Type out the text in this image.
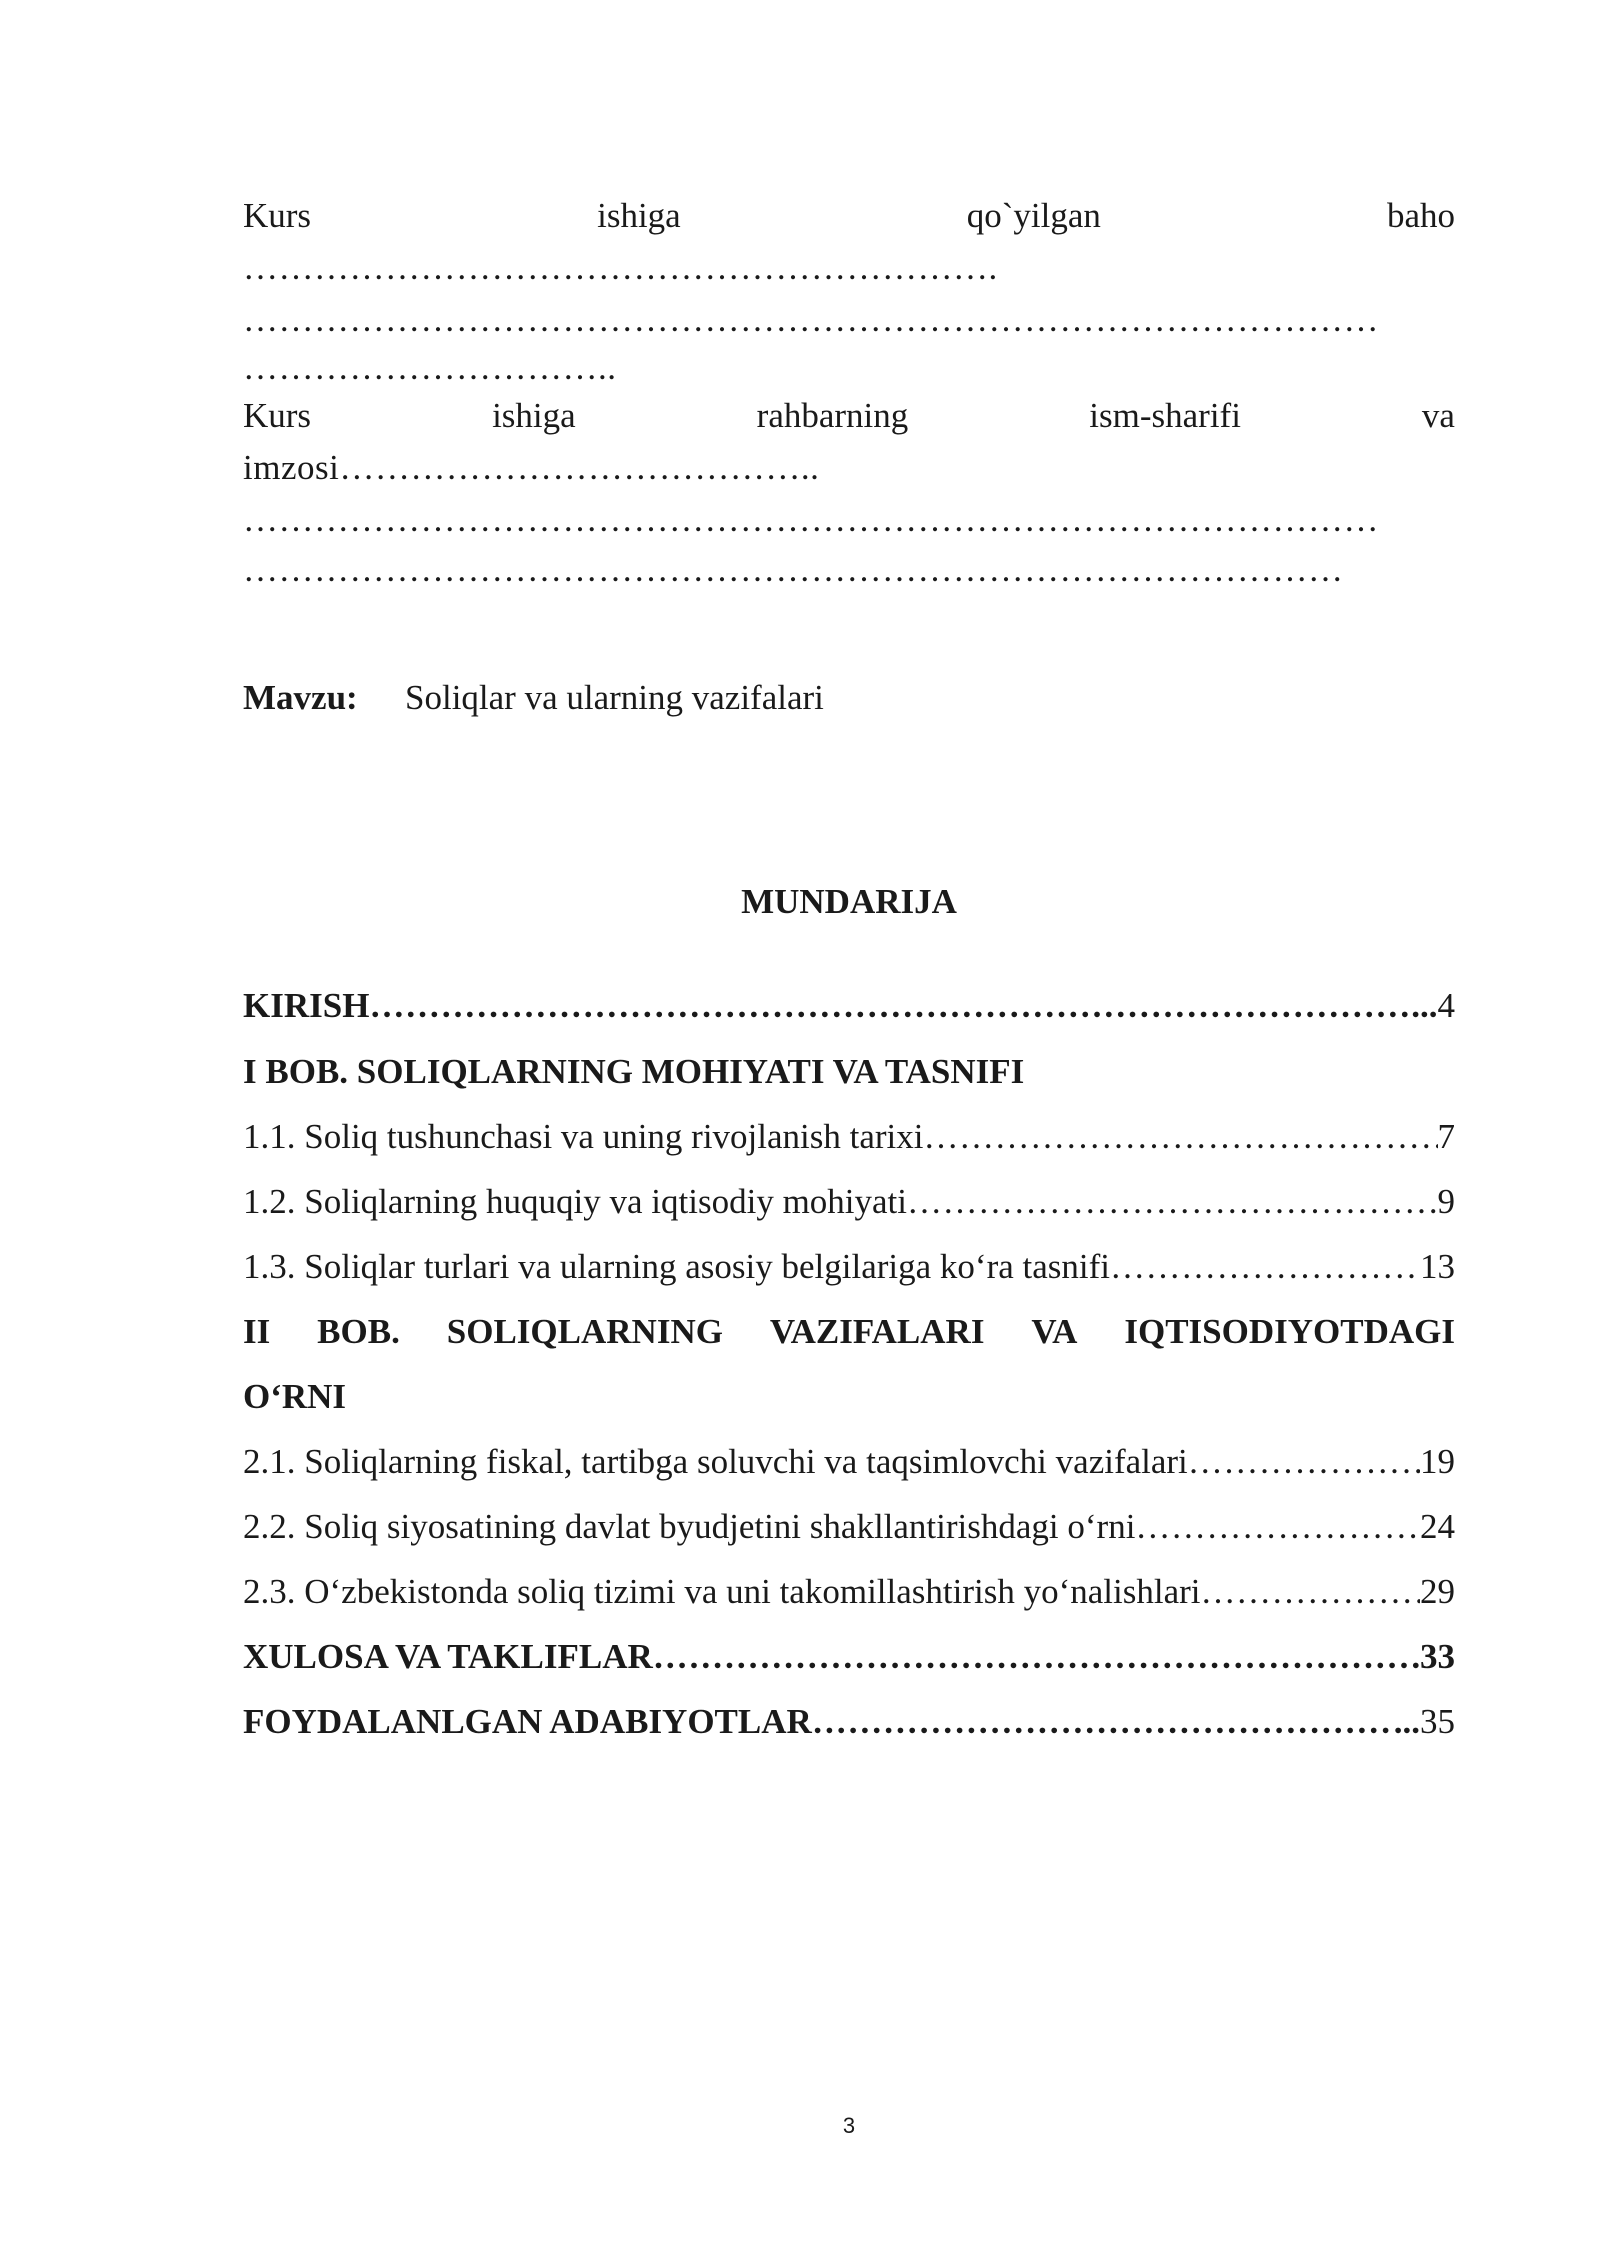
Kurs	ishiga	qo`yilgan	baho
……………………………………………………….
……………………………………………………………………………………
…………………………..
Kurs	ishiga	rahbarning	ism-sharifi	va
imzosi…………………………………..
……………………………………………………………………………………
…………………………………………………………………………………
Mavzu: Soliqlar va ularning vazifalari
MUNDARIJA
KIRISH …………………………………………………………………………………………………………………………………………………………………………	... 4
I BOB. SOLIQLARNING MOHIYATI VA TASNIFI
1.1. Soliq tushunchasi va uning rivojlanish tarixi …………………………………………………………………………………………………………………………………………………………………………	7
1.2. Soliqlarning huquqiy va iqtisodiy mohiyati …………………………………………………………………………………………………………………………………………………………………………	9
1.3. Soliqlar turlari va ularning asosiy belgilariga koʻra tasnifi …………………………………………………………………………………………………………………………………………………………………………	13
II BOB. SOLIQLARNING VAZIFALARI VA IQTISODIYOTDAGI
OʻRNI
2.1. Soliqlarning fiskal, tartibga soluvchi va taqsimlovchi vazifalari …………………………………………………………………………………………………………………………………………………………………………	19
2.2. Soliq siyosatining davlat byudjetini shakllantirishdagi oʻrni …………………………………………………………………………………………………………………………………………………………………………	24
2.3. Oʻzbekistonda soliq tizimi va uni takomillashtirish yoʻnalishlari …………………………………………………………………………………………………………………………………………………………………………	29
XULOSA VA TAKLIFLAR …………………………………………………………………………………………………………………………………………………………………………	33
FOYDALANLGAN ADABIYOTLAR …………………………………………………………………………………………………………………………………………………………………………	... 35
3
